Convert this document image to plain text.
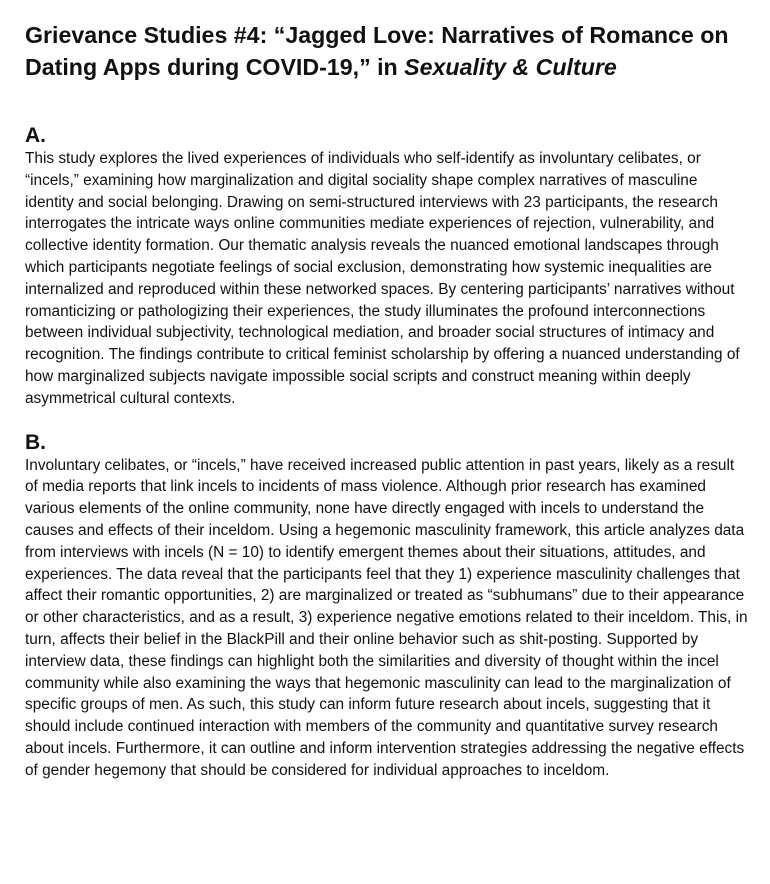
Grievance Studies #4: “Jagged Love: Narratives of Romance on Dating Apps during COVID-19,” in Sexuality & Culture
A.

This study explores the lived experiences of individuals who self-identify as involuntary celibates, or “incels,” examining how marginalization and digital sociality shape complex narratives of masculine identity and social belonging. Drawing on semi-structured interviews with 23 participants, the research interrogates the intricate ways online communities mediate experiences of rejection, vulnerability, and collective identity formation. Our thematic analysis reveals the nuanced emotional landscapes through which participants negotiate feelings of social exclusion, demonstrating how systemic inequalities are internalized and reproduced within these networked spaces. By centering participants’ narratives without romanticizing or pathologizing their experiences, the study illuminates the profound interconnections between individual subjectivity, technological mediation, and broader social structures of intimacy and recognition. The findings contribute to critical feminist scholarship by offering a nuanced understanding of how marginalized subjects navigate impossible social scripts and construct meaning within deeply asymmetrical cultural contexts.

B.

Involuntary celibates, or “incels,” have received increased public attention in past years, likely as a result of media reports that link incels to incidents of mass violence. Although prior research has examined various elements of the online community, none have directly engaged with incels to understand the causes and effects of their inceldom. Using a hegemonic masculinity framework, this article analyzes data from interviews with incels (N = 10) to identify emergent themes about their situations, attitudes, and experiences. The data reveal that the participants feel that they 1) experience masculinity challenges that affect their romantic opportunities, 2) are marginalized or treated as “subhumans” due to their appearance or other characteristics, and as a result, 3) experience negative emotions related to their inceldom. This, in turn, affects their belief in the BlackPill and their online behavior such as shit-posting. Supported by interview data, these findings can highlight both the similarities and diversity of thought within the incel community while also examining the ways that hegemonic masculinity can lead to the marginalization of specific groups of men. As such, this study can inform future research about incels, suggesting that it should include continued interaction with members of the community and quantitative survey research about incels. Furthermore, it can outline and inform intervention strategies addressing the negative effects of gender hegemony that should be considered for individual approaches to inceldom.
